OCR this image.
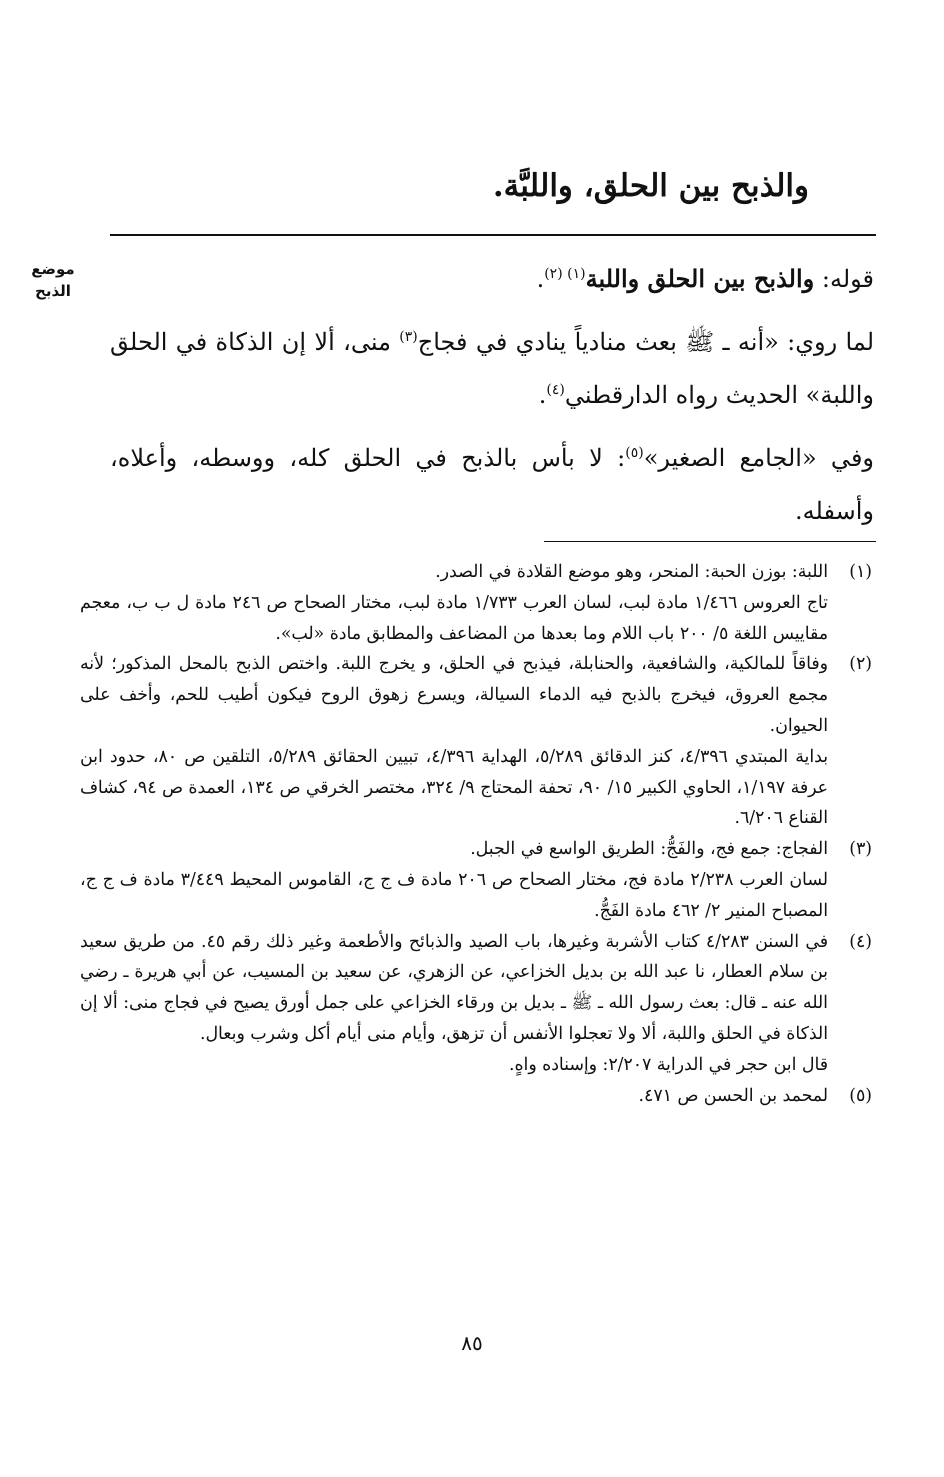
والذبح بين الحلق، واللبَّة.
موضع
الذبح	قوله: والذبح بين الحلق واللبة$^{(١) (٢)}$.

لما روي: «أنه ـ ﷺ بعث منادياً ينادي في فجاج$^{(٣)}$ منى، ألا إن الذكاة في الحلق واللبة» الحديث رواه الدارقطني$^{(٤)}$.

وفي «الجامع الصغير»$^{(٥)}$: لا بأس بالذبح في الحلق كله، ووسطه، وأعلاه، وأسفله.

(١)
اللبة: بوزن الحبة: المنحر، وهو موضع القلادة في الصدر.
تاج العروس ١/٤٦٦ مادة لبب، لسان العرب ١/٧٣٣ مادة لبب، مختار الصحاح ص ٢٤٦ مادة ل ب ب، معجم مقاييس اللغة ٥/ ٢٠٠ باب اللام وما بعدها من المضاعف والمطابق مادة «لب».
(٢)
وفاقاً للمالكية، والشافعية، والحنابلة، فيذبح في الحلق، و يخرج اللبة. واختص الذبح بالمحل المذكور؛ لأنه مجمع العروق، فيخرج بالذبح فيه الدماء السيالة، ويسرع زهوق الروح فيكون أطيب للحم، وأخف على الحيوان.
بداية المبتدي ٤/٣٩٦، كنز الدقائق ٥/٢٨٩، الهداية ٤/٣٩٦، تبيين الحقائق ٥/٢٨٩، التلقين ص ٨٠، حدود ابن عرفة ١/١٩٧، الحاوي الكبير ١٥/ ٩٠، تحفة المحتاج ٩/ ٣٢٤، مختصر الخرقي ص ١٣٤، العمدة ص ٩٤، كشاف القناع ٦/٢٠٦.
(٣)
الفجاج: جمع فج، والفَجُّ: الطريق الواسع في الجبل.
لسان العرب ٢/٢٣٨ مادة فج، مختار الصحاح ص ٢٠٦ مادة ف ج ج، القاموس المحيط ٣/٤٤٩ مادة ف ج ج، المصباح المنير ٢/ ٤٦٢ مادة الفَجُّ.
(٤)
في السنن ٤/٢٨٣ كتاب الأشربة وغيرها، باب الصيد والذبائح والأطعمة وغير ذلك رقم ٤٥. من طريق سعيد بن سلام العطار، نا عبد الله بن بديل الخزاعي، عن الزهري، عن سعيد بن المسيب، عن أبي هريرة ـ رضي الله عنه ـ قال: بعث رسول الله ـ ﷺ ـ بديل بن ورقاء الخزاعي على جمل أورق يصيح في فجاج منى: ألا إن الذكاة في الحلق واللبة، ألا ولا تعجلوا الأنفس أن تزهق، وأيام منى أيام أكل وشرب وبعال.
قال ابن حجر في الدراية ٢/٢٠٧: وإسناده واهٍ.
(٥)
لمحمد بن الحسن ص ٤٧١.
٨٥
